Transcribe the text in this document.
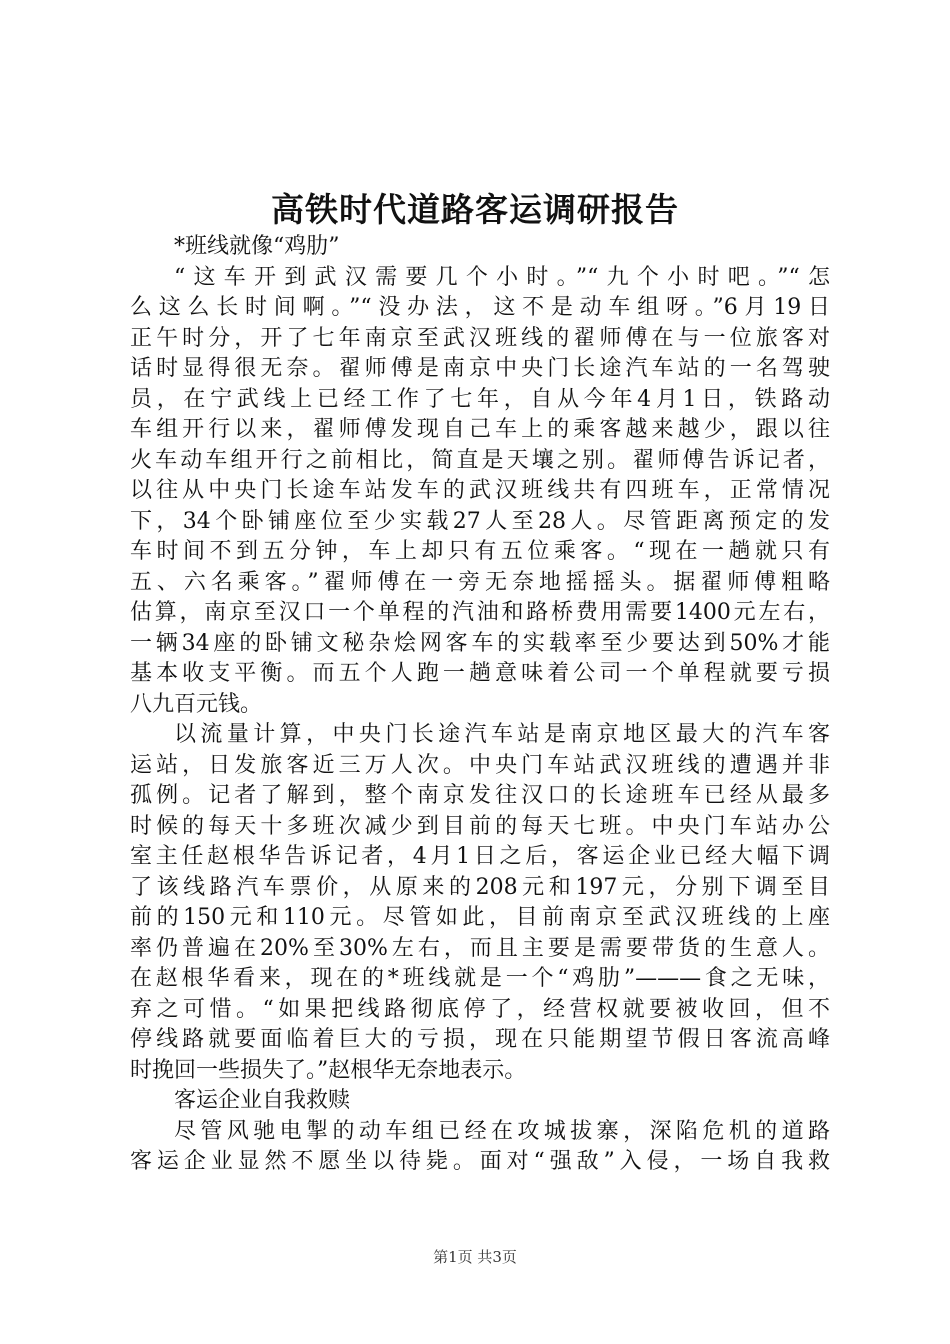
高铁时代道路客运调研报告
*班线就像“鸡肋”
“这车开到武汉需要几个小时。”“九个小时吧。”“怎
么这么长时间啊。”“没办法，这不是动车组呀。”6月19日
正午时分，开了七年南京至武汉班线的翟师傅在与一位旅客对
话时显得很无奈。翟师傅是南京中央门长途汽车站的一名驾驶
员，在宁武线上已经工作了七年，自从今年4月1日，铁路动
车组开行以来，翟师傅发现自己车上的乘客越来越少，跟以往
火车动车组开行之前相比，简直是天壤之别。翟师傅告诉记者，
以往从中央门长途车站发车的武汉班线共有四班车，正常情况
下，34个卧铺座位至少实载27人至28人。尽管距离预定的发
车时间不到五分钟，车上却只有五位乘客。“现在一趟就只有
五、六名乘客。”翟师傅在一旁无奈地摇摇头。据翟师傅粗略
估算，南京至汉口一个单程的汽油和路桥费用需要1400元左右，
一辆34座的卧铺文秘杂烩网客车的实载率至少要达到50%才能
基本收支平衡。而五个人跑一趟意味着公司一个单程就要亏损
八九百元钱。
以流量计算，中央门长途汽车站是南京地区最大的汽车客
运站，日发旅客近三万人次。中央门车站武汉班线的遭遇并非
孤例。记者了解到，整个南京发往汉口的长途班车已经从最多
时候的每天十多班次减少到目前的每天七班。中央门车站办公
室主任赵根华告诉记者，4月1日之后，客运企业已经大幅下调
了该线路汽车票价，从原来的208元和197元，分别下调至目
前的150元和110元。尽管如此，目前南京至武汉班线的上座
率仍普遍在20%至30%左右，而且主要是需要带货的生意人。
在赵根华看来，现在的*班线就是一个“鸡肋”———食之无味，
弃之可惜。“如果把线路彻底停了，经营权就要被收回，但不
停线路就要面临着巨大的亏损，现在只能期望节假日客流高峰
时挽回一些损失了。”赵根华无奈地表示。
客运企业自我救赎
尽管风驰电掣的动车组已经在攻城拔寨，深陷危机的道路
客运企业显然不愿坐以待毙。面对“强敌”入侵，一场自我救
第1页 共3页
